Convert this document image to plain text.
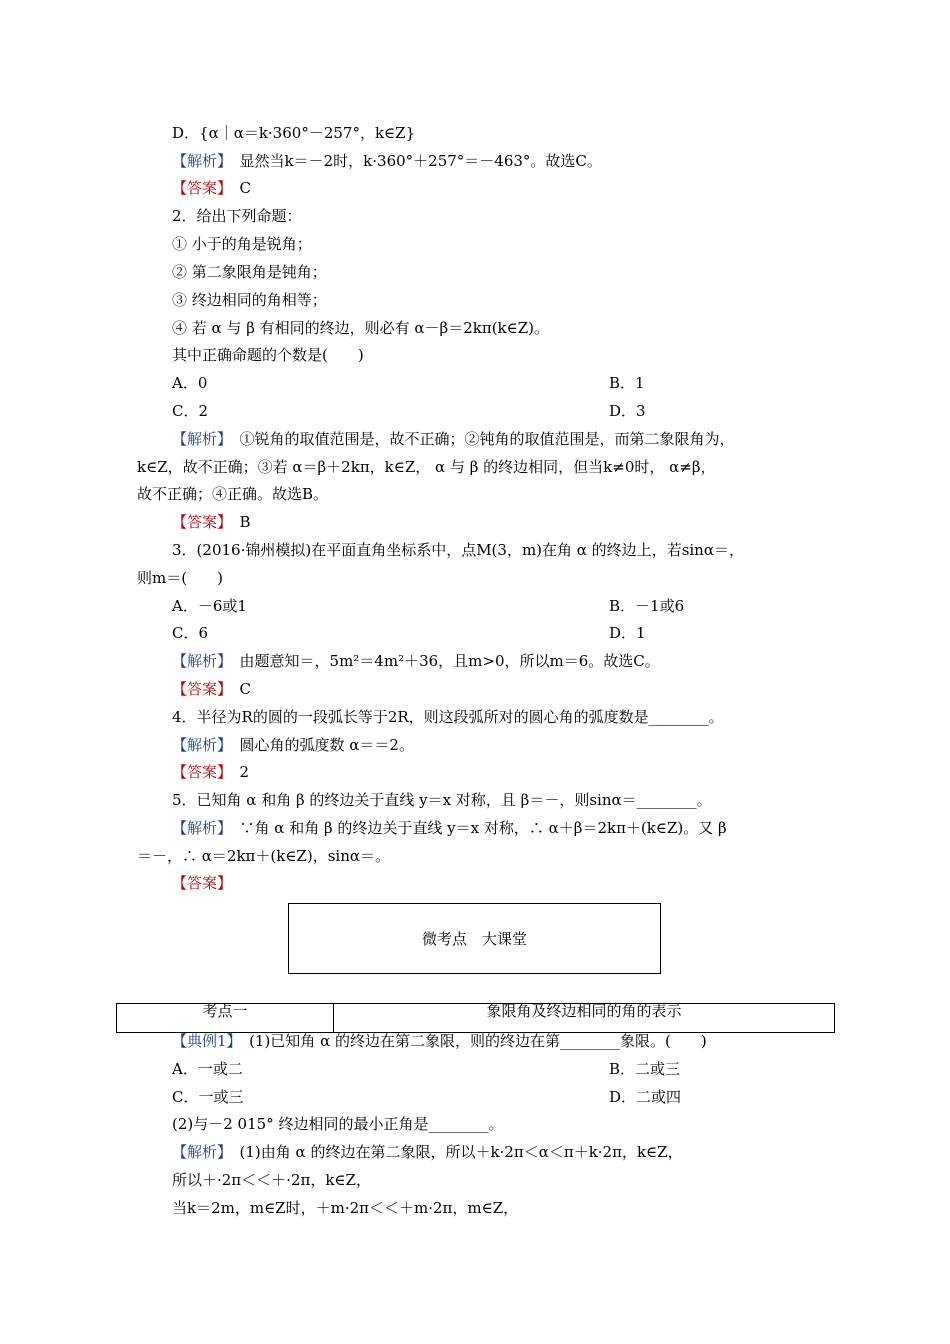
D．{α｜α＝k·360°－257°，k∈Z}
【解析】　 显然当k＝－2时，k·360°＋257°＝－463°。故选C。
【答案】　 C
2．给出下列命题：
① 小于的角是锐角；
② 第二象限角是钝角；
③ 终边相同的角相等；
④ 若 α 与 β 有相同的终边，则必有 α－β＝2kπ(k∈Z)。
其中正确命题的个数是(　　)
A．0	B．1
C．2	D．3
【解析】　 ①锐角的取值范围是，故不正确；②钝角的取值范围是，而第二象限角为，
k∈Z，故不正确；③若 α＝β＋2kπ，k∈Z， α 与 β 的终边相同，但当k≠0时， α≠β，
故不正确；④正确。故选B。
【答案】　 B
3．(2016·锦州模拟)在平面直角坐标系中，点M(3，m)在角 α 的终边上，若sinα＝，
则m＝(　　)
A．－6或1	B．－1或6
C．6	D．1
【解析】　 由题意知＝，5m²＝4m²＋36，且m>0，所以m＝6。故选C。
【答案】　 C
4．半径为R的圆的一段弧长等于2R，则这段弧所对的圆心角的弧度数是________。
【解析】　 圆心角的弧度数 α＝＝2。
【答案】　 2
5．已知角 α 和角 β 的终边关于直线 y＝x 对称，且 β＝－，则sinα＝________。
【解析】　 ∵角 α 和角 β 的终边关于直线 y＝x 对称，∴ α＋β＝2kπ＋(k∈Z)。又 β
＝－，∴ α＝2kπ＋(k∈Z)，sinα＝。
【答案】
微考点　大课堂
考点一	象限角及终边相同的角的表示
【典例1】　 (1)已知角 α 的终边在第二象限，则的终边在第________象限。(　　)
A．一或二	B．二或三
C．一或三	D．二或四
(2)与－2 015° 终边相同的最小正角是________。
【解析】　 (1)由角 α 的终边在第二象限，所以＋k·2π＜α＜π＋k·2π，k∈Z，
所以＋·2π＜＜＋·2π，k∈Z，
当k＝2m，m∈Z时，＋m·2π＜＜＋m·2π，m∈Z，
